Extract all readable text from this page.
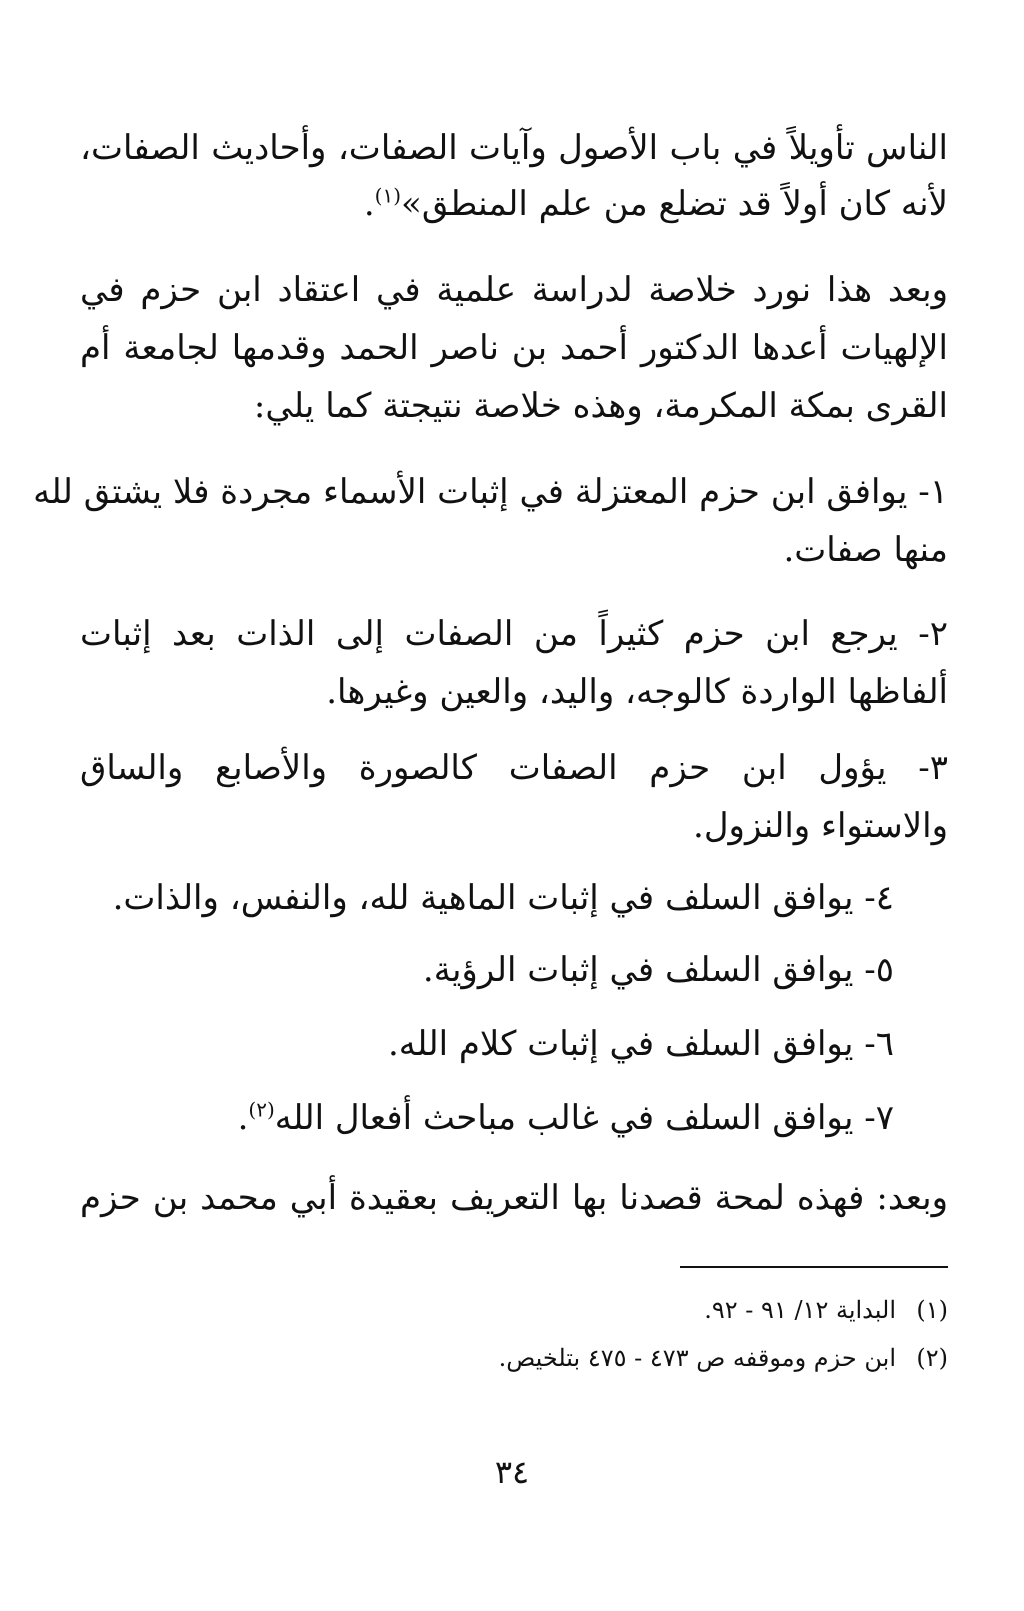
الناس تأويلاً في باب الأصول وآيات الصفات، وأحاديث الصفات،
لأنه كان أولاً قد تضلع من علم المنطق»$^{(١)}$.
وبعد هذا نورد خلاصة لدراسة علمية في اعتقاد ابن حزم في
الإلهيات أعدها الدكتور أحمد بن ناصر الحمد وقدمها لجامعة أم
القرى بمكة المكرمة، وهذه خلاصة نتيجتة كما يلي:
١- يوافق ابن حزم المعتزلة في إثبات الأسماء مجردة فلا يشتق لله
منها صفات.
٢- يرجع ابن حزم كثيراً من الصفات إلى الذات بعد إثبات
ألفاظها الواردة كالوجه، واليد، والعين وغيرها.
٣- يؤول ابن حزم الصفات كالصورة والأصابع والساق
والاستواء والنزول.
٤- يوافق السلف في إثبات الماهية لله، والنفس، والذات.
٥- يوافق السلف في إثبات الرؤية.
٦- يوافق السلف في إثبات كلام الله.
٧- يوافق السلف في غالب مباحث أفعال الله$^{(٢)}$.
وبعد: فهذه لمحة قصدنا بها التعريف بعقيدة أبي محمد بن حزم
(١)البداية ١٢/ ٩١ - ٩٢.
(٢)ابن حزم وموقفه ص ٤٧٣ - ٤٧٥ بتلخيص.
٣٤
